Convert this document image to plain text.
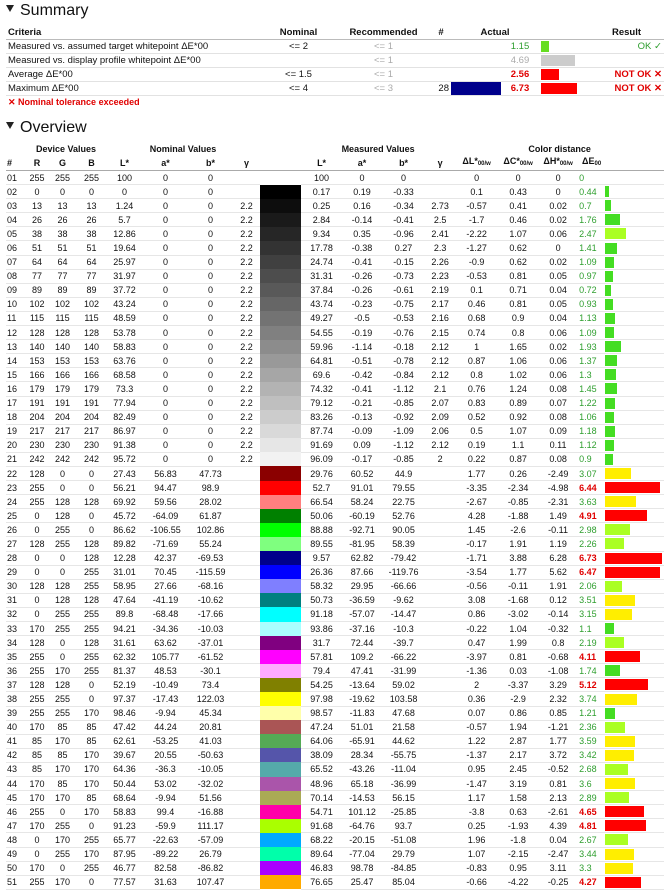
Summary
Criteria	Nominal	Recommended	#	Actual			Result
Measured vs. assumed target whitepoint ΔE*00	<= 2	<= 1			1.15		OK ✓
Measured vs. display profile whitepoint ΔE*00		<= 1			4.69		
Average ΔE*00	<= 1.5	<= 1			2.56		NOT OK ✕
Maximum ΔE*00	<= 4	<= 3	28		6.73		NOT OK ✕
✕ Nominal tolerance exceeded
Overview
	Device Values			Nominal Values					Measured Values				Color distance				
#	R	G	B	L*	a*	b*	γ		L*	a*	b*	γ	ΔL*00/w	ΔC*00/w	ΔH*00/w	ΔE00	
01	255	255	255	100	0	0			100	0	0		0	0	0	0	
02	0	0	0	0	0	0			0.17	0.19	-0.33		0.1	0.43	0	0.44	

03	13	13	13	1.24	0	0	2.2		0.25	0.16	-0.34	2.73	-0.57	0.41	0.02	0.7	

04	26	26	26	5.7	0	0	2.2		2.84	-0.14	-0.41	2.5	-1.7	0.46	0.02	1.76	

05	38	38	38	12.86	0	0	2.2		9.34	0.35	-0.96	2.41	-2.22	1.07	0.06	2.47	

06	51	51	51	19.64	0	0	2.2		17.78	-0.38	0.27	2.3	-1.27	0.62	0	1.41	

07	64	64	64	25.97	0	0	2.2		24.74	-0.41	-0.15	2.26	-0.9	0.62	0.02	1.09	

08	77	77	77	31.97	0	0	2.2		31.31	-0.26	-0.73	2.23	-0.53	0.81	0.05	0.97	

09	89	89	89	37.72	0	0	2.2		37.84	-0.26	-0.61	2.19	0.1	0.71	0.04	0.72	

10	102	102	102	43.24	0	0	2.2		43.74	-0.23	-0.75	2.17	0.46	0.81	0.05	0.93	

11	115	115	115	48.59	0	0	2.2		49.27	-0.5	-0.53	2.16	0.68	0.9	0.04	1.13	

12	128	128	128	53.78	0	0	2.2		54.55	-0.19	-0.76	2.15	0.74	0.8	0.06	1.09	

13	140	140	140	58.83	0	0	2.2		59.96	-1.14	-0.18	2.12	1	1.65	0.02	1.93	

14	153	153	153	63.76	0	0	2.2		64.81	-0.51	-0.78	2.12	0.87	1.06	0.06	1.37	

15	166	166	166	68.58	0	0	2.2		69.6	-0.42	-0.84	2.12	0.8	1.02	0.06	1.3	

16	179	179	179	73.3	0	0	2.2		74.32	-0.41	-1.12	2.1	0.76	1.24	0.08	1.45	

17	191	191	191	77.94	0	0	2.2		79.12	-0.21	-0.85	2.07	0.83	0.89	0.07	1.22	

18	204	204	204	82.49	0	0	2.2		83.26	-0.13	-0.92	2.09	0.52	0.92	0.08	1.06	

19	217	217	217	86.97	0	0	2.2		87.74	-0.09	-1.09	2.06	0.5	1.07	0.09	1.18	

20	230	230	230	91.38	0	0	2.2		91.69	0.09	-1.12	2.12	0.19	1.1	0.11	1.12	

21	242	242	242	95.72	0	0	2.2		96.09	-0.17	-0.85	2	0.22	0.87	0.08	0.9	

22	128	0	0	27.43	56.83	47.73			29.76	60.52	44.9		1.77	0.26	-2.49	3.07	

23	255	0	0	56.21	94.47	98.9			52.7	91.01	79.55		-3.35	-2.34	-4.98	6.44	

24	255	128	128	69.92	59.56	28.02			66.54	58.24	22.75		-2.67	-0.85	-2.31	3.63	

25	0	128	0	45.72	-64.09	61.87			50.06	-60.19	52.76		4.28	-1.88	1.49	4.91	

26	0	255	0	86.62	-106.55	102.86			88.88	-92.71	90.05		1.45	-2.6	-0.11	2.98	

27	128	255	128	89.82	-71.69	55.24			89.55	-81.95	58.39		-0.17	1.91	1.19	2.26	

28	0	0	128	12.28	42.37	-69.53			9.57	62.82	-79.42		-1.71	3.88	6.28	6.73	

29	0	0	255	31.01	70.45	-115.59			26.36	87.66	-119.76		-3.54	1.77	5.62	6.47	

30	128	128	255	58.95	27.66	-68.16			58.32	29.95	-66.66		-0.56	-0.11	1.91	2.06	

31	0	128	128	47.64	-41.19	-10.62			50.73	-36.59	-9.62		3.08	-1.68	0.12	3.51	

32	0	255	255	89.8	-68.48	-17.66			91.18	-57.07	-14.47		0.86	-3.02	-0.14	3.15	

33	170	255	255	94.21	-34.36	-10.03			93.86	-37.16	-10.3		-0.22	1.04	-0.32	1.1	

34	128	0	128	31.61	63.62	-37.01			31.7	72.44	-39.7		0.47	1.99	0.8	2.19	

35	255	0	255	62.32	105.77	-61.52			57.81	109.2	-66.22		-3.97	0.81	-0.68	4.11	

36	255	170	255	81.37	48.53	-30.1			79.4	47.41	-31.99		-1.36	0.03	-1.08	1.74	

37	128	128	0	52.19	-10.49	73.4			54.25	-13.64	59.02		2	-3.37	3.29	5.12	

38	255	255	0	97.37	-17.43	122.03			97.98	-19.62	103.58		0.36	-2.9	2.32	3.74	

39	255	255	170	98.46	-9.94	45.34			98.57	-11.83	47.68		0.07	0.86	0.85	1.21	

40	170	85	85	47.42	44.24	20.81			47.24	51.01	21.58		-0.57	1.94	-1.21	2.36	

41	85	170	85	62.61	-53.25	41.03			64.06	-65.91	44.62		1.22	2.87	1.77	3.59	

42	85	85	170	39.67	20.55	-50.63			38.09	28.34	-55.75		-1.37	2.17	3.72	3.42	

43	85	170	170	64.36	-36.3	-10.05			65.52	-43.26	-11.04		0.95	2.45	-0.52	2.68	

44	170	85	170	50.44	53.02	-32.02			48.96	65.18	-36.99		-1.47	3.19	0.81	3.6	

45	170	170	85	68.64	-9.94	51.56			70.14	-14.53	56.15		1.17	1.58	2.13	2.89	

46	255	0	170	58.83	99.4	-16.88			54.71	101.12	-25.85		-3.8	0.63	-2.61	4.65	

47	170	255	0	91.23	-59.9	111.17			91.68	-64.76	93.7		0.25	-1.93	4.39	4.81	

48	0	170	255	65.77	-22.63	-57.09			68.22	-20.15	-51.08		1.96	-1.8	0.04	2.67	

49	0	255	170	87.95	-89.22	26.79			89.64	-77.04	29.79		1.07	-2.15	-2.47	3.44	

50	170	0	255	46.77	82.58	-86.82			46.83	98.78	-84.85		-0.83	0.95	3.11	3.3	

51	255	170	0	77.57	31.63	107.47			76.65	25.47	85.04		-0.66	-4.22	-0.25	4.27	
